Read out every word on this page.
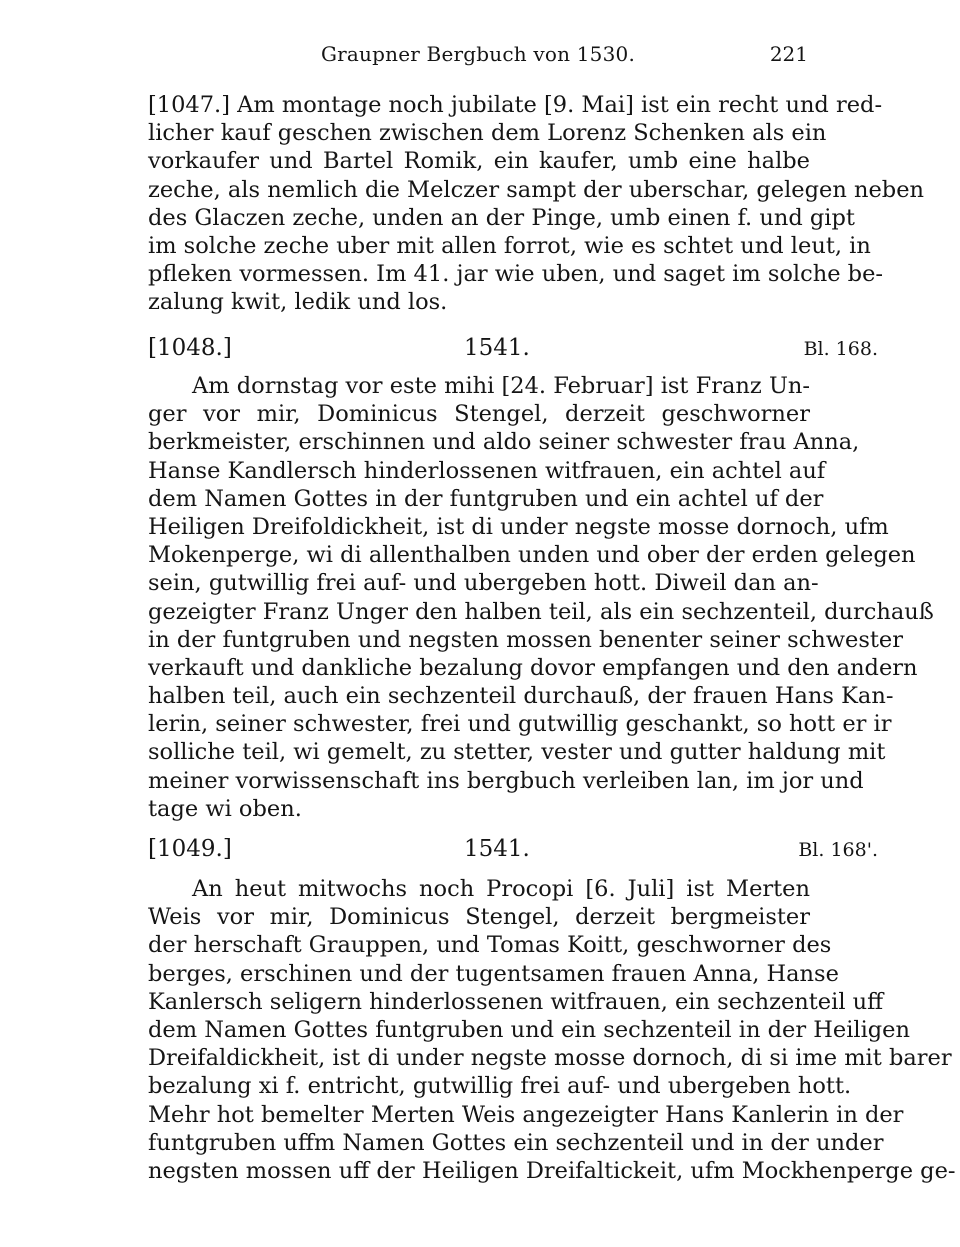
Graupner Bergbuch von 1530.	221
[1047.] Am montage noch jubilate [9. Mai] ist ein recht und red-
licher kauf geschen zwischen dem Lorenz Schenken als ein
vorkaufer und Bartel Romik, ein kaufer, umb eine halbe
zeche, als nemlich die Melczer sampt der uberschar, gelegen neben
des Glaczen zeche, unden an der Pinge, umb einen f. und gipt
im solche zeche uber mit allen forrot, wie es schtet und leut, in
pfleken vormessen. Im 41. jar wie uben, und saget im solche be-
zalung kwit, ledik und los.
[1048.]	1541.	Bl. 168.
Am dornstag vor este mihi [24. Februar] ist Franz Un-
ger vor mir, Dominicus Stengel, derzeit geschworner
berkmeister, erschinnen und aldo seiner schwester frau Anna,
Hanse Kandlersch hinderlossenen witfrauen, ein achtel auf
dem Namen Gottes in der funtgruben und ein achtel uf der
Heiligen Dreifoldickheit, ist di under negste mosse dornoch, ufm
Mokenperge, wi di allenthalben unden und ober der erden gelegen
sein, gutwillig frei auf- und ubergeben hott. Diweil dan an-
gezeigter Franz Unger den halben teil, als ein sechzenteil, durchauß
in der funtgruben und negsten mossen benenter seiner schwester
verkauft und dankliche bezalung dovor empfangen und den andern
halben teil, auch ein sechzenteil durchauß, der frauen Hans Kan-
lerin, seiner schwester, frei und gutwillig geschankt, so hott er ir
solliche teil, wi gemelt, zu stetter, vester und gutter haldung mit
meiner vorwissenschaft ins bergbuch verleiben lan, im jor und
tage wi oben.
[1049.]	1541.	Bl. 168'.
An heut mitwochs noch Procopi [6. Juli] ist Merten
Weis vor mir, Dominicus Stengel, derzeit bergmeister
der herschaft Grauppen, und Tomas Koitt, geschworner des
berges, erschinen und der tugentsamen frauen Anna, Hanse
Kanlersch seligern hinderlossenen witfrauen, ein sechzenteil uff
dem Namen Gottes funtgruben und ein sechzenteil in der Heiligen
Dreifaldickheit, ist di under negste mosse dornoch, di si ime mit barer
bezalung xi f. entricht, gutwillig frei auf- und ubergeben hott.
Mehr hot bemelter Merten Weis angezeigter Hans Kanlerin in der
funtgruben uffm Namen Gottes ein sechzenteil und in der under
negsten mossen uff der Heiligen Dreifaltickeit, ufm Mockhenperge ge-
